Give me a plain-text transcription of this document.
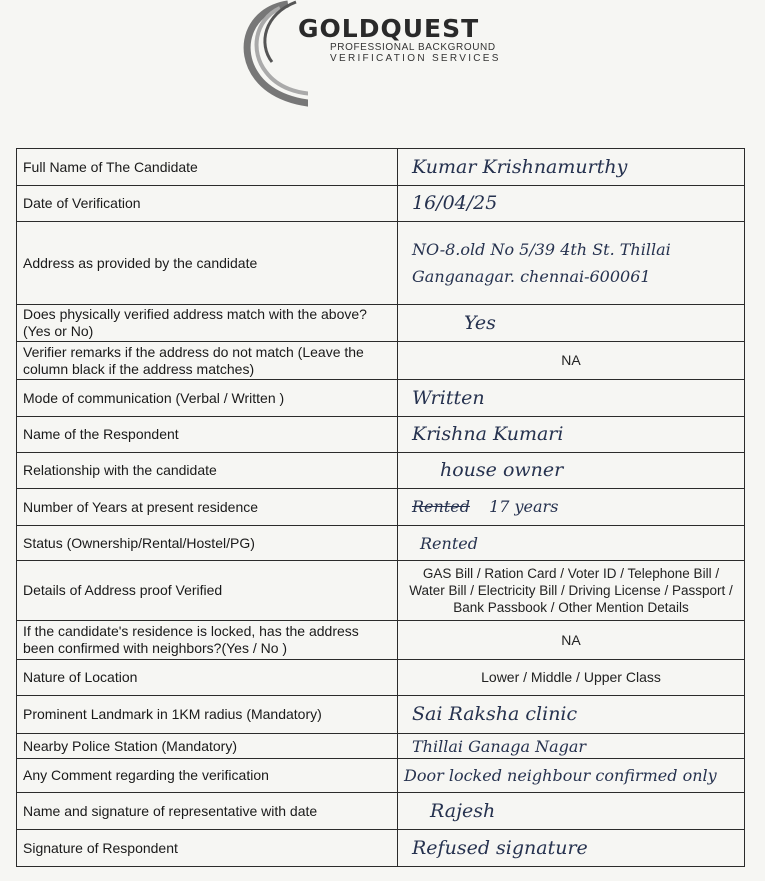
GOLDQUEST
PROFESSIONAL BACKGROUND
VERIFICATION SERVICES
Full Name of The Candidate	Kumar Krishnamurthy

Date of Verification	16/04/25

Address as provided by the candidate	NO-8.old No 5/39 4th St. Thillai
Ganganagar. chennai-600061

Does physically verified address match with the above? (Yes or No)	Yes

Verifier remarks if the address do not match (Leave the column black if the address matches)	NA
Mode of communication (Verbal / Written )	Written

Name of the Respondent	Krishna Kumari

Relationship with the candidate	house owner

Number of Years at present residence	Rented 17 years
Status (Ownership/Rental/Hostel/PG)	Rented

Details of Address proof Verified	GAS Bill / Ration Card / Voter ID / Telephone Bill / Water Bill / Electricity Bill / Driving License / Passport / Bank Passbook / Other Mention Details
If the candidate's residence is locked, has the address been confirmed with neighbors?(Yes / No )	NA
Nature of Location	Lower / Middle / Upper Class
Prominent Landmark in 1KM radius (Mandatory)	Sai Raksha clinic

Nearby Police Station (Mandatory)	Thillai Ganaga Nagar

Any Comment regarding the verification	Door locked neighbour confirmed only

Name and signature of representative with date	Rajesh

Signature of Respondent	Refused signature
